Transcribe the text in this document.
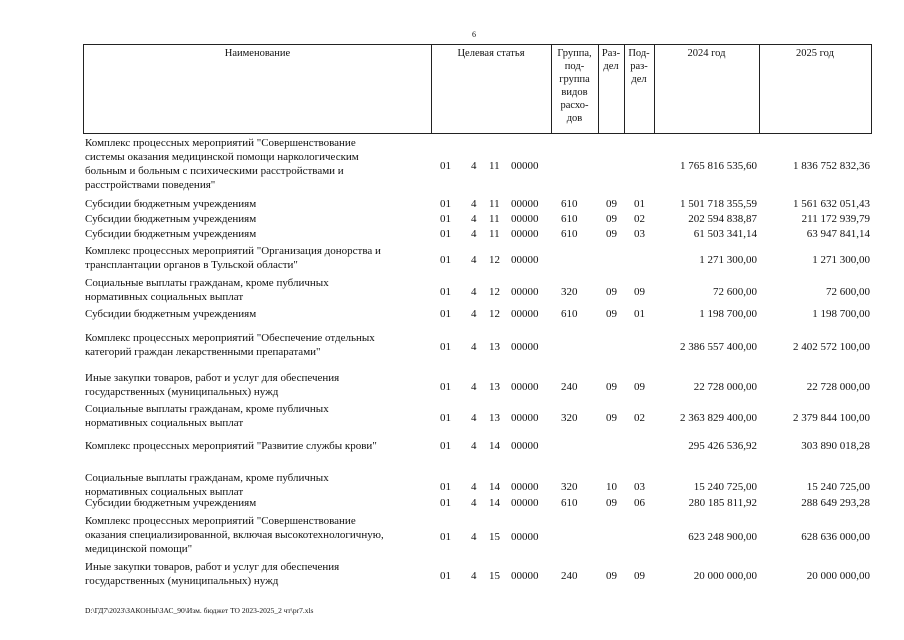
6
Наименование	Целевая статья	Группа,
под-
группа
видов
расхо-
дов
Раз-
дел
Под-
раз-
дел
2024 год	2025 год
Комплекс процессных мероприятий "Совершенствование
системы оказания медицинской помощи наркологическим
больным и больным с психическими расстройствами и
расстройствами поведения"
01	4	11	00000	1 765 816 535,60	1 836 752 832,36
Субсидии бюджетным учреждениям	01	4	11	00000	610	09	01	1 501 718 355,59	1 561 632 051,43
Субсидии бюджетным учреждениям	01	4	11	00000	610	09	02	202 594 838,87	211 172 939,79
Субсидии бюджетным учреждениям	01	4	11	00000	610	09	03	61 503 341,14	63 947 841,14
Комплекс процессных мероприятий "Организация донорства и
трансплантации органов в Тульской области"	01	4	12 00000	1 271 300,00	1 271 300,00
Социальные выплаты гражданам, кроме публичных
нормативных социальных выплат	01	4	12 00000	320	09	09	72 600,00	72 600,00
Субсидии бюджетным учреждениям	01	4	12 00000	610	09	01	1 198 700,00	1 198 700,00
Комплекс процессных мероприятий "Обеспечение отдельных
категорий граждан лекарственными препаратами"	01	4	13 00000	2 386 557 400,00	2 402 572 100,00
Иные закупки товаров, работ и услуг для обеспечения
государственных (муниципальных) нужд	01	4	13 00000	240	09	09	22 728 000,00	22 728 000,00
Социальные выплаты гражданам, кроме публичных
нормативных социальных выплат	01	4	13 00000	320	09	02	2 363 829 400,00	2 379 844 100,00
Комплекс процессных мероприятий "Развитие службы крови"	01	4	14 00000	295 426 536,92	303 890 018,28
Социальные выплаты гражданам, кроме публичных
нормативных социальных выплат	01	4	14 00000	320	10	03	15 240 725,00	15 240 725,00
Субсидии бюджетным учреждениям	01	4	14 00000	610	09	06	280 185 811,92	288 649 293,28
Комплекс процессных мероприятий "Совершенствование
оказания специализированной, включая высокотехнологичную,
медицинской помощи"
01	4	15 00000	623 248 900,00	628 636 000,00
Иные закупки товаров, работ и услуг для обеспечения
государственных (муниципальных) нужд	01	4	15 00000	240	09	09	20 000 000,00	20 000 000,00
D:\ГД7\2023\ЗАКОНЫ\ЗАС_90\Изм. бюджет ТО 2023-2025_2 чт\pr7.xls
